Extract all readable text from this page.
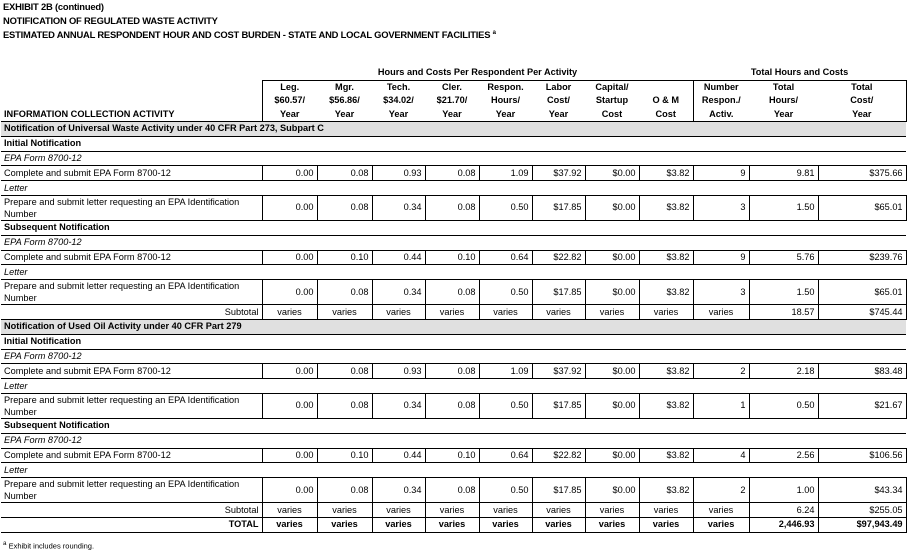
EXHIBIT 2B (continued)
NOTIFICATION OF REGULATED WASTE ACTIVITY
ESTIMATED ANNUAL RESPONDENT HOUR AND COST BURDEN - STATE AND LOCAL GOVERNMENT FACILITIES $^a$
	Hours and Costs Per Respondent Per Activity								Total Hours and Costs		
	Leg.	Mgr.	Tech.	Cler.	Respon.	Labor	Capital/		Number	Total	Total
	$60.57/	$56.86/	$34.02/	$21.70/	Hours/	Cost/	Startup	O & M	Respon./	Hours/	Cost/
INFORMATION COLLECTION ACTIVITY	Year	Year	Year	Year	Year	Year	Cost	Cost	Activ.	Year	Year
Notification of Universal Waste Activity under 40 CFR Part 273, Subpart C											
Initial Notification											
EPA Form 8700-12											
Complete and submit EPA Form 8700-12	0.00	0.08	0.93	0.08	1.09	$37.92	$0.00	$3.82	9	9.81	$375.66
Letter											
Prepare and submit letter requesting an EPA Identification Number	0.00	0.08	0.34	0.08	0.50	$17.85	$0.00	$3.82	3	1.50	$65.01
Subsequent Notification											
EPA Form 8700-12											
Complete and submit EPA Form 8700-12	0.00	0.10	0.44	0.10	0.64	$22.82	$0.00	$3.82	9	5.76	$239.76
Letter											
Prepare and submit letter requesting an EPA Identification Number	0.00	0.08	0.34	0.08	0.50	$17.85	$0.00	$3.82	3	1.50	$65.01
Subtotal	varies	varies	varies	varies	varies	varies	varies	varies	varies	18.57	$745.44
Notification of Used Oil Activity under 40 CFR Part 279											
Initial Notification											
EPA Form 8700-12											
Complete and submit EPA Form 8700-12	0.00	0.08	0.93	0.08	1.09	$37.92	$0.00	$3.82	2	2.18	$83.48
Letter											
Prepare and submit letter requesting an EPA Identification Number	0.00	0.08	0.34	0.08	0.50	$17.85	$0.00	$3.82	1	0.50	$21.67
Subsequent Notification											
EPA Form 8700-12											
Complete and submit EPA Form 8700-12	0.00	0.10	0.44	0.10	0.64	$22.82	$0.00	$3.82	4	2.56	$106.56
Letter											
Prepare and submit letter requesting an EPA Identification Number	0.00	0.08	0.34	0.08	0.50	$17.85	$0.00	$3.82	2	1.00	$43.34
Subtotal	varies	varies	varies	varies	varies	varies	varies	varies	varies	6.24	$255.05
TOTAL	varies	varies	varies	varies	varies	varies	varies	varies	varies	2,446.93	$97,943.49
$^a$ Exhibit includes rounding.
